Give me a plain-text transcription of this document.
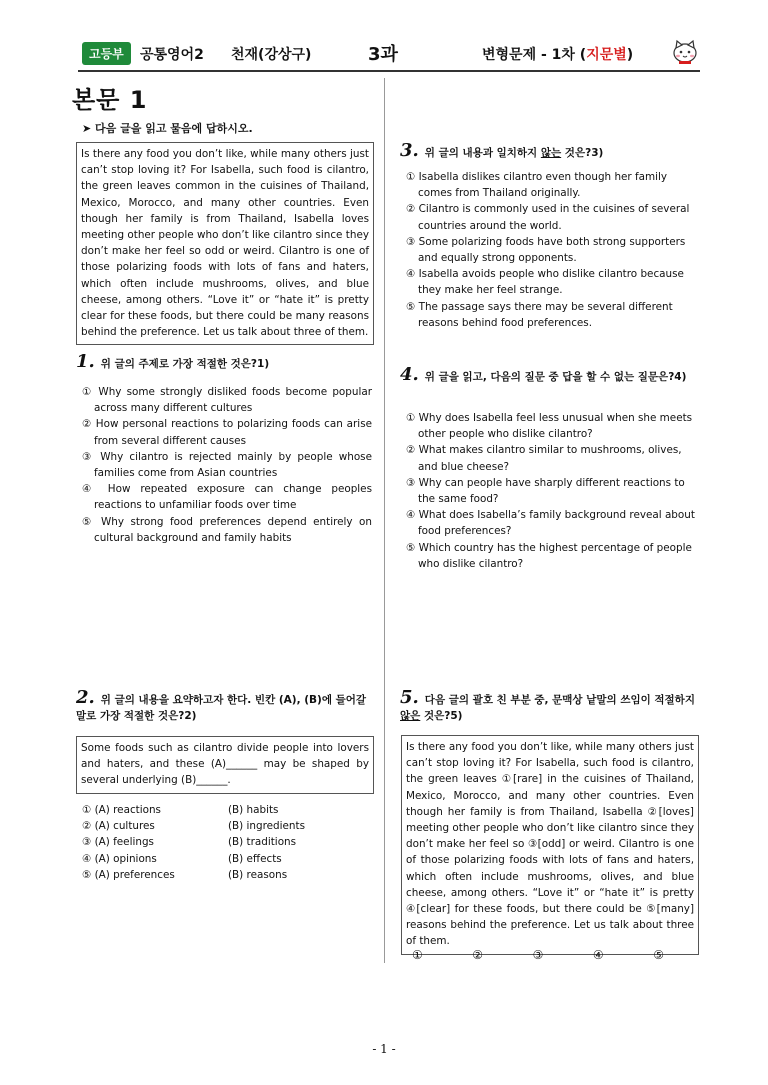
고등부	공통영어2 천재(강상구)	3과	변형문제 - 1차 (지문별)
본문 1
➤ 다음 글을 읽고 물음에 답하시오.
Is there any food you don’t like, while many others just can’t stop loving it? For Isabella, such food is cilantro, the green leaves common in the cuisines of Thailand, Mexico, Morocco, and many other countries. Even though her family is from Thailand, Isabella loves meeting other people who don’t like cilantro since they don’t make her feel so odd or weird. Cilantro is one of those polarizing foods with lots of fans and haters, which often include mushrooms, olives, and blue cheese, among others. “Love it” or “hate it” is pretty clear for these foods, but there could be many reasons behind the preference. Let us talk about three of them.
1. 위 글의 주제로 가장 적절한 것은?1)
① Why some strongly disliked foods become popular across many different cultures
② How personal reactions to polarizing foods can arise from several different causes
③ Why cilantro is rejected mainly by people whose families come from Asian countries
④ How repeated exposure can change peoples reactions to unfamiliar foods over time
⑤ Why strong food preferences depend entirely on cultural background and family habits
2. 위 글의 내용을 요약하고자 한다. 빈칸 (A), (B)에 들어갈 말로 가장 적절한 것은?2)
Some foods such as cilantro divide people into lovers and haters, and these (A)______ may be shaped by several underlying (B)______.
① (A) reactions	(B) habits
② (A) cultures	(B) ingredients
③ (A) feelings	(B) traditions
④ (A) opinions	(B) effects
⑤ (A) preferences	(B) reasons
3. 위 글의 내용과 일치하지 않는 것은?3)
① Isabella dislikes cilantro even though her family comes from Thailand originally.
② Cilantro is commonly used in the cuisines of several countries around the world.
③ Some polarizing foods have both strong supporters and equally strong opponents.
④ Isabella avoids people who dislike cilantro because they make her feel strange.
⑤ The passage says there may be several different reasons behind food preferences.
4. 위 글을 읽고, 다음의 질문 중 답을 할 수 없는 질문은?4)
① Why does Isabella feel less unusual when she meets other people who dislike cilantro?
② What makes cilantro similar to mushrooms, olives, and blue cheese?
③ Why can people have sharply different reactions to the same food?
④ What does Isabella’s family background reveal about food preferences?
⑤ Which country has the highest percentage of people who dislike cilantro?
5. 다음 글의 괄호 친 부분 중, 문맥상 낱말의 쓰임이 적절하지 않은 것은?5)
Is there any food you don’t like, while many others just can’t stop loving it? For Isabella, such food is cilantro, the green leaves ①[rare] in the cuisines of Thailand, Mexico, Morocco, and many other countries. Even though her family is from Thailand, Isabella ②[loves] meeting other people who don’t like cilantro since they don’t make her feel so ③[odd] or weird. Cilantro is one of those polarizing foods with lots of fans and haters, which often include mushrooms, olives, and blue cheese, among others. “Love it” or “hate it” is pretty ④[clear] for these foods, but there could be ⑤[many] reasons behind the preference. Let us talk about three of them.
①	②	③	④	⑤
- 1 -
